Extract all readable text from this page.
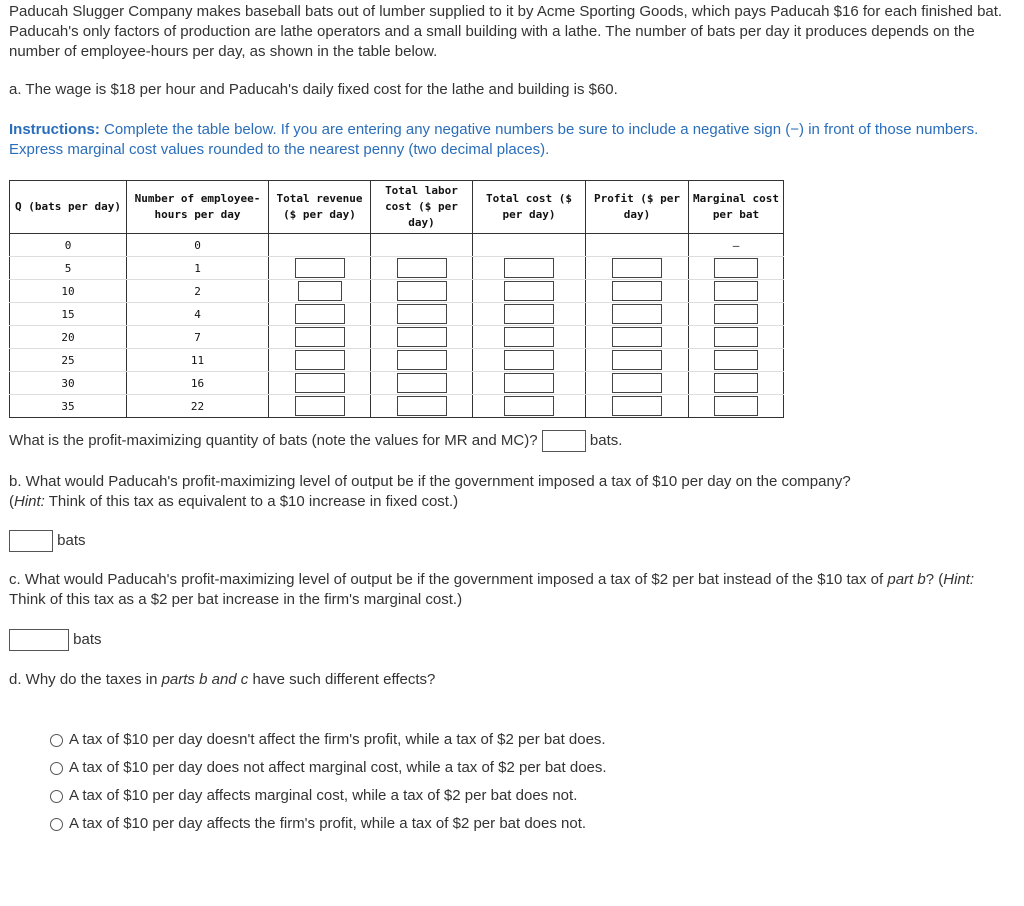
Paducah Slugger Company makes baseball bats out of lumber supplied to it by Acme Sporting Goods, which pays Paducah $16 for each finished bat. Paducah's only factors of production are lathe operators and a small building with a lathe. The number of bats per day it produces depends on the number of employee-hours per day, as shown in the table below.

a. The wage is $18 per hour and Paducah's daily fixed cost for the lathe and building is $60.

Instructions: Complete the table below. If you are entering any negative numbers be sure to include a negative sign (−) in front of those numbers. Express marginal cost values rounded to the nearest penny (two decimal places).

Q (bats per day)	Number of employee-hours per day	Total revenue ($ per day)	Total labor cost ($ per day)	Total cost ($ per day)	Profit ($ per day)	Marginal cost per bat
0	0					–
5	1					
10	2					
15	4					
20	7					
25	11					
30	16					
35	22					

What is the profit-maximizing quantity of bats (note the values for MR and MC)?	bats.

b. What would Paducah's profit-maximizing level of output be if the government imposed a tax of $10 per day on the company?
(Hint: Think of this tax as equivalent to a $10 increase in fixed cost.)

bats

c. What would Paducah's profit-maximizing level of output be if the government imposed a tax of $2 per bat instead of the $10 tax of part b? (Hint: Think of this tax as a $2 per bat increase in the firm's marginal cost.)

bats

d. Why do the taxes in parts b and c have such different effects?

A tax of $10 per day doesn't affect the firm's profit, while a tax of $2 per bat does.
A tax of $10 per day does not affect marginal cost, while a tax of $2 per bat does.
A tax of $10 per day affects marginal cost, while a tax of $2 per bat does not.
A tax of $10 per day affects the firm's profit, while a tax of $2 per bat does not.
